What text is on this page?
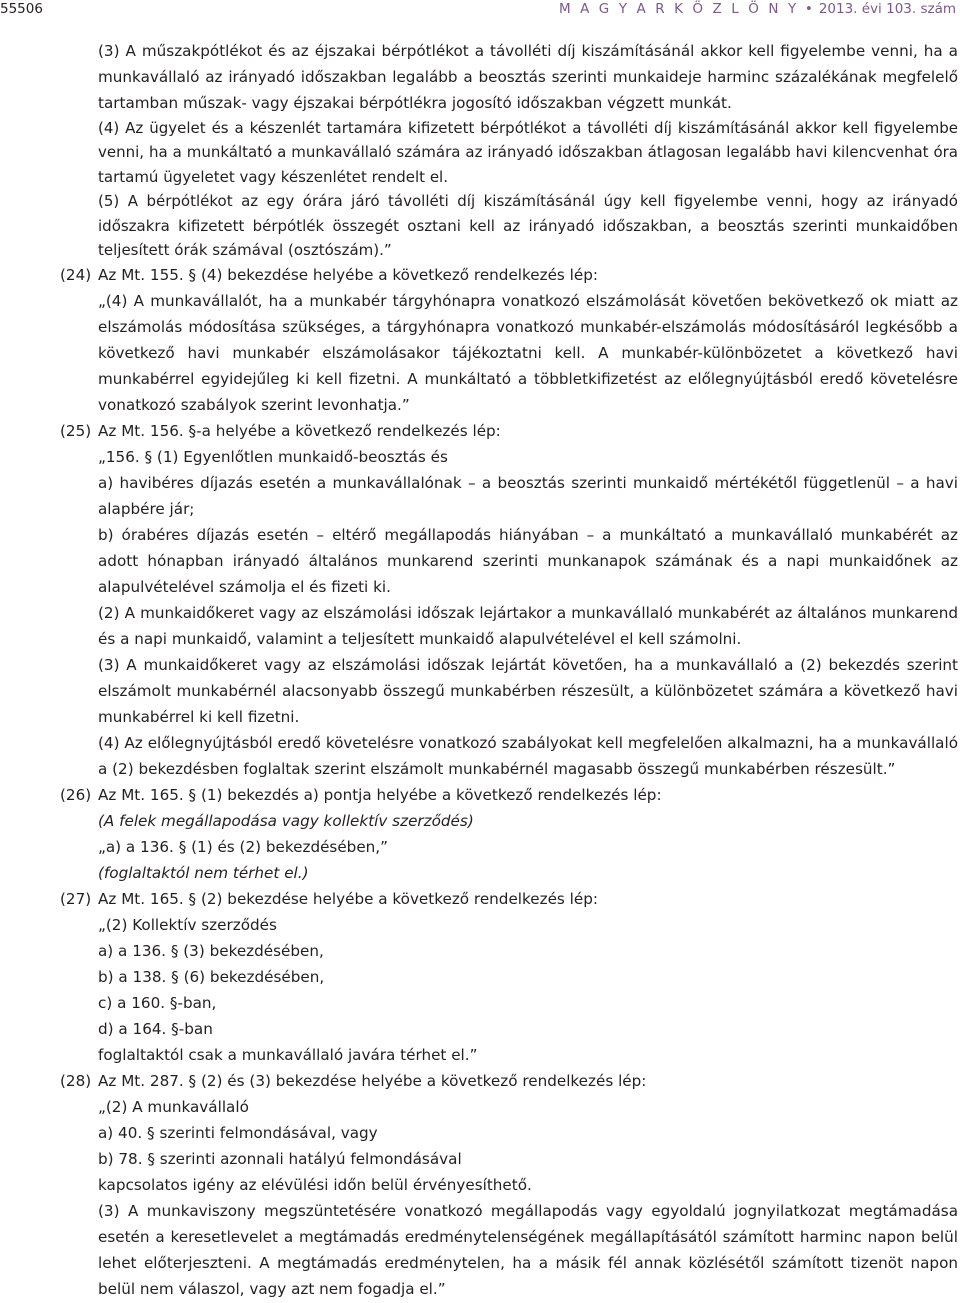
55506	M A G Y A R K Ö Z L Ö N Y • 2013. évi 103. szám
(3) A műszakpótlékot és az éjszakai bérpótlékot a távolléti díj kiszámításánál akkor kell figyelembe venni, ha a munkavállaló az irányadó időszakban legalább a beosztás szerinti munkaideje harminc százalékának megfelelő tartamban műszak- vagy éjszakai bérpótlékra jogosító időszakban végzett munkát.
(4) Az ügyelet és a készenlét tartamára kifizetett bérpótlékot a távolléti díj kiszámításánál akkor kell figyelembe venni, ha a munkáltató a munkavállaló számára az irányadó időszakban átlagosan legalább havi kilencvenhat óra tartamú ügyeletet vagy készenlétet rendelt el.
(5) A bérpótlékot az egy órára járó távolléti díj kiszámításánál úgy kell figyelembe venni, hogy az irányadó időszakra kifizetett bérpótlék összegét osztani kell az irányadó időszakban, a beosztás szerinti munkaidőben teljesített órák számával (osztószám).”
(24) Az Mt. 155. § (4) bekezdése helyébe a következő rendelkezés lép:
„(4) A munkavállalót, ha a munkabér tárgyhónapra vonatkozó elszámolását követően bekövetkező ok miatt az elszámolás módosítása szükséges, a tárgyhónapra vonatkozó munkabér-elszámolás módosításáról legkésőbb a következő havi munkabér elszámolásakor tájékoztatni kell. A munkabér-különbözetet a következő havi munkabérrel egyidejűleg ki kell fizetni. A munkáltató a többletkifizetést az előlegnyújtásból eredő követelésre vonatkozó szabályok szerint levonhatja.”
(25) Az Mt. 156. §-a helyébe a következő rendelkezés lép:
„156. § (1) Egyenlőtlen munkaidő-beosztás és
a) havibéres díjazás esetén a munkavállalónak – a beosztás szerinti munkaidő mértékétől függetlenül – a havi alapbére jár;
b) órabéres díjazás esetén – eltérő megállapodás hiányában – a munkáltató a munkavállaló munkabérét az adott hónapban irányadó általános munkarend szerinti munkanapok számának és a napi munkaidőnek az alapulvételével számolja el és fizeti ki.
(2) A munkaidőkeret vagy az elszámolási időszak lejártakor a munkavállaló munkabérét az általános munkarend és a napi munkaidő, valamint a teljesített munkaidő alapulvételével el kell számolni.
(3) A munkaidőkeret vagy az elszámolási időszak lejártát követően, ha a munkavállaló a (2) bekezdés szerint elszámolt munkabérnél alacsonyabb összegű munkabérben részesült, a különbözetet számára a következő havi munkabérrel ki kell fizetni.
(4) Az előlegnyújtásból eredő követelésre vonatkozó szabályokat kell megfelelően alkalmazni, ha a munkavállaló a (2) bekezdésben foglaltak szerint elszámolt munkabérnél magasabb összegű munkabérben részesült.”
(26) Az Mt. 165. § (1) bekezdés a) pontja helyébe a következő rendelkezés lép:
(A felek megállapodása vagy kollektív szerződés)
„a) a 136. § (1) és (2) bekezdésében,”
(foglaltaktól nem térhet el.)
(27) Az Mt. 165. § (2) bekezdése helyébe a következő rendelkezés lép:
„(2) Kollektív szerződés
a) a 136. § (3) bekezdésében,
b) a 138. § (6) bekezdésében,
c) a 160. §-ban,
d) a 164. §-ban
foglaltaktól csak a munkavállaló javára térhet el.”
(28) Az Mt. 287. § (2) és (3) bekezdése helyébe a következő rendelkezés lép:
„(2) A munkavállaló
a) 40. § szerinti felmondásával, vagy
b) 78. § szerinti azonnali hatályú felmondásával
kapcsolatos igény az elévülési időn belül érvényesíthető.
(3) A munkaviszony megszüntetésére vonatkozó megállapodás vagy egyoldalú jognyilatkozat megtámadása esetén a keresetlevelet a megtámadás eredménytelenségének megállapításától számított harminc napon belül lehet előterjeszteni. A megtámadás eredménytelen, ha a másik fél annak közlésétől számított tizenöt napon belül nem válaszol, vagy azt nem fogadja el.”
